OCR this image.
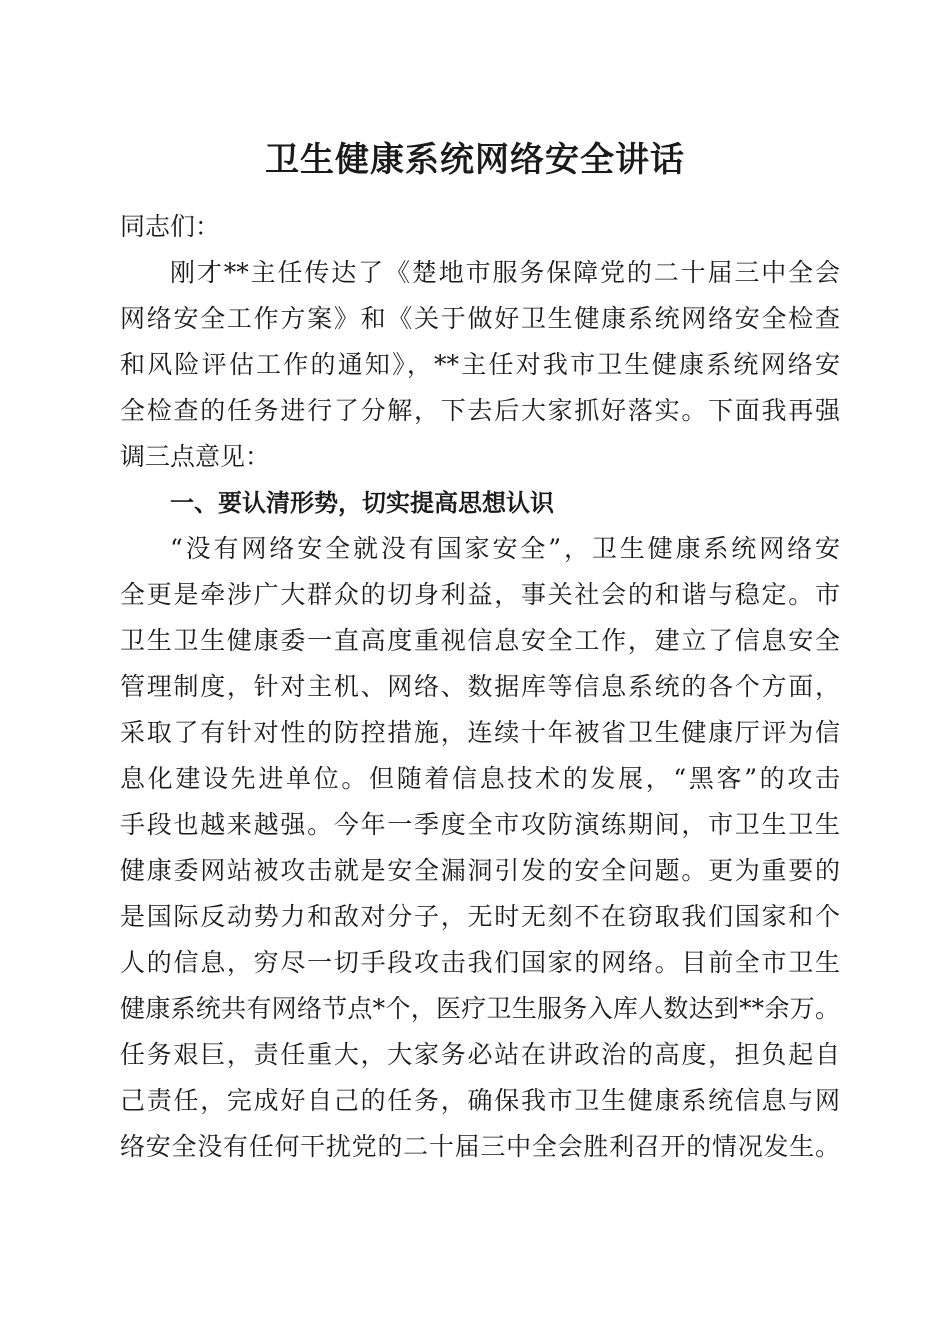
卫生健康系统网络安全讲话
同志们：
刚才**主任传达了《楚地市服务保障党的二十届三中全会
网络安全工作方案》和《关于做好卫生健康系统网络安全检查
和风险评估工作的通知》，**主任对我市卫生健康系统网络安
全检查的任务进行了分解，下去后大家抓好落实。下面我再强
调三点意见：
一、要认清形势，切实提高思想认识
“没有网络安全就没有国家安全”，卫生健康系统网络安
全更是牵涉广大群众的切身利益，事关社会的和谐与稳定。市
卫生卫生健康委一直高度重视信息安全工作，建立了信息安全
管理制度，针对主机、网络、数据库等信息系统的各个方面，
采取了有针对性的防控措施，连续十年被省卫生健康厅评为信
息化建设先进单位。但随着信息技术的发展，“黑客”的攻击
手段也越来越强。今年一季度全市攻防演练期间，市卫生卫生
健康委网站被攻击就是安全漏洞引发的安全问题。更为重要的
是国际反动势力和敌对分子，无时无刻不在窃取我们国家和个
人的信息，穷尽一切手段攻击我们国家的网络。目前全市卫生
健康系统共有网络节点*个，医疗卫生服务入库人数达到**余万。
任务艰巨，责任重大，大家务必站在讲政治的高度，担负起自
己责任，完成好自己的任务，确保我市卫生健康系统信息与网
络安全没有任何干扰党的二十届三中全会胜利召开的情况发生。
